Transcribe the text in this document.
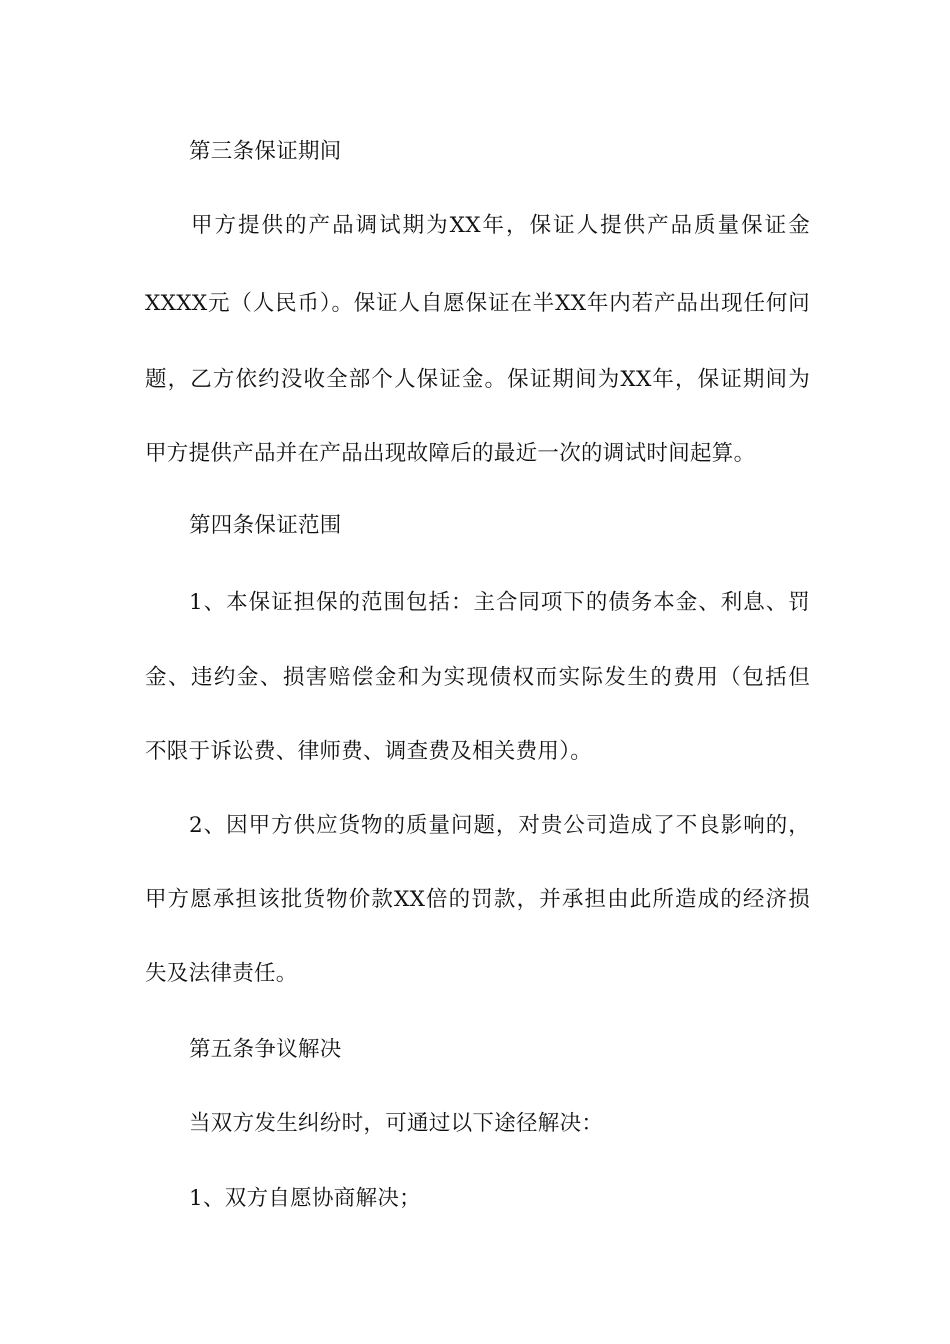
第三条保证期间
甲方提供的产品调试期为XX年，保证人提供产品质量保证金
XXXX元（人民币）。保证人自愿保证在半XX年内若产品出现任何问
题，乙方依约没收全部个人保证金。保证期间为XX年，保证期间为
甲方提供产品并在产品出现故障后的最近一次的调试时间起算。
第四条保证范围
1、本保证担保的范围包括：主合同项下的债务本金、利息、罚
金、违约金、损害赔偿金和为实现债权而实际发生的费用（包括但
不限于诉讼费、律师费、调查费及相关费用）。
2、因甲方供应货物的质量问题，对贵公司造成了不良影响的，
甲方愿承担该批货物价款XX倍的罚款，并承担由此所造成的经济损
失及法律责任。
第五条争议解决
当双方发生纠纷时，可通过以下途径解决：
1、双方自愿协商解决；
